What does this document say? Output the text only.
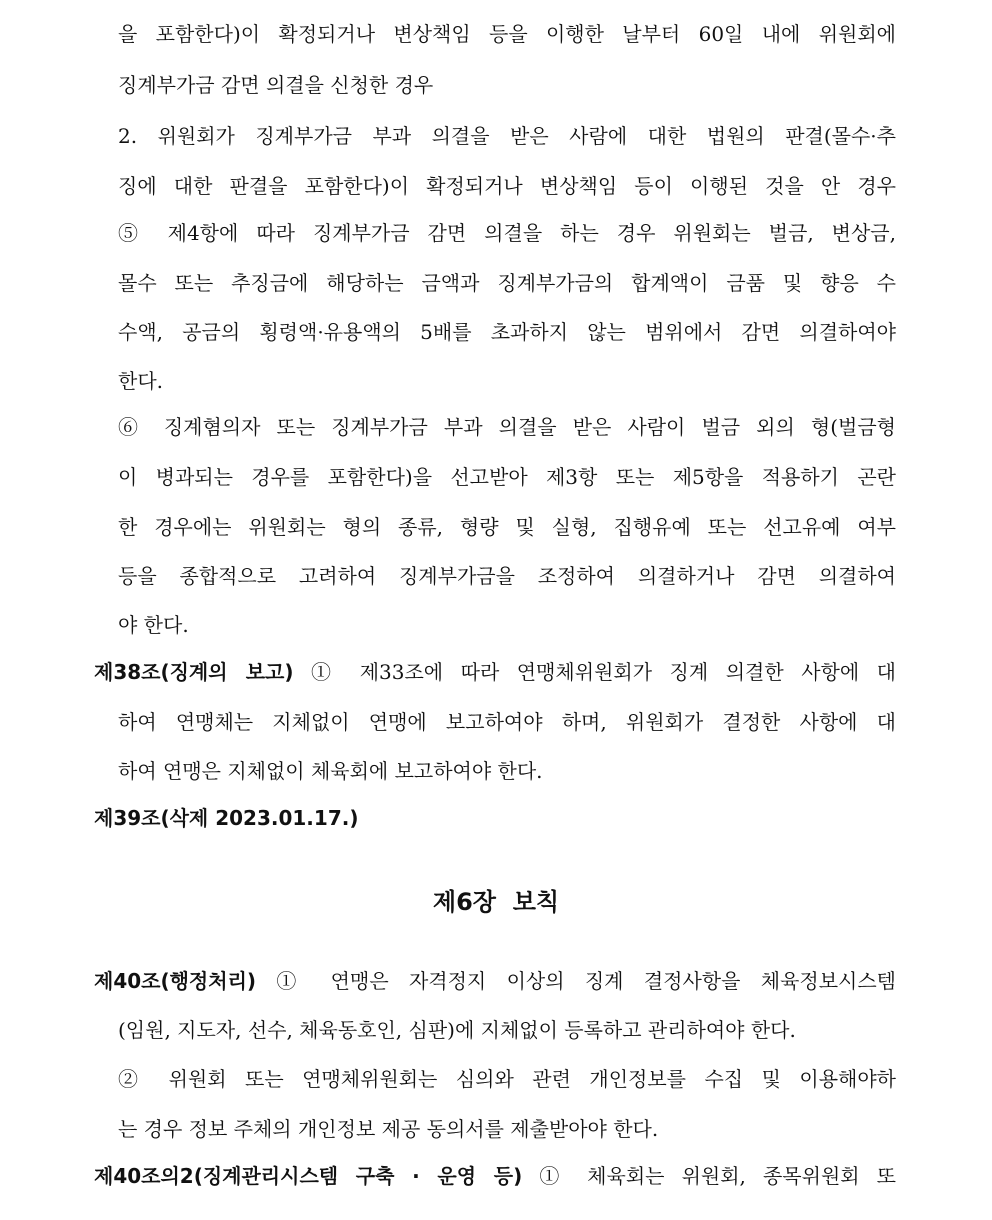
을 포함한다)이 확정되거나 변상책임 등을 이행한 날부터 60일 내에 위원회에
징계부가금 감면 의결을 신청한 경우
2. 위원회가 징계부가금 부과 의결을 받은 사람에 대한 법원의 판결(몰수·추
징에 대한 판결을 포함한다)이 확정되거나 변상책임 등이 이행된 것을 안 경우
⑤ 제4항에 따라 징계부가금 감면 의결을 하는 경우 위원회는 벌금, 변상금,
몰수 또는 추징금에 해당하는 금액과 징계부가금의 합계액이 금품 및 향응 수
수액, 공금의 횡령액·유용액의 5배를 초과하지 않는 범위에서 감면 의결하여야
한다.
⑥ 징계혐의자 또는 징계부가금 부과 의결을 받은 사람이 벌금 외의 형(벌금형
이 병과되는 경우를 포함한다)을 선고받아 제3항 또는 제5항을 적용하기 곤란
한 경우에는 위원회는 형의 종류, 형량 및 실형, 집행유예 또는 선고유예 여부
등을 종합적으로 고려하여 징계부가금을 조정하여 의결하거나 감면 의결하여
야 한다.
제38조(징계의 보고) ① 제33조에 따라 연맹체위원회가 징계 의결한 사항에 대
하여 연맹체는 지체없이 연맹에 보고하여야 하며, 위원회가 결정한 사항에 대
하여 연맹은 지체없이 체육회에 보고하여야 한다.
제39조(삭제 2023.01.17.)
제6장  보칙
제40조(행정처리) ① 연맹은 자격정지 이상의 징계 결정사항을 체육정보시스템
(임원, 지도자, 선수, 체육동호인, 심판)에 지체없이 등록하고 관리하여야 한다.
② 위원회 또는 연맹체위원회는 심의와 관련 개인정보를 수집 및 이용해야하
는 경우 정보 주체의 개인정보 제공 동의서를 제출받아야 한다.
제40조의2(징계관리시스템 구축 · 운영 등) ① 체육회는 위원회, 종목위원회 또
